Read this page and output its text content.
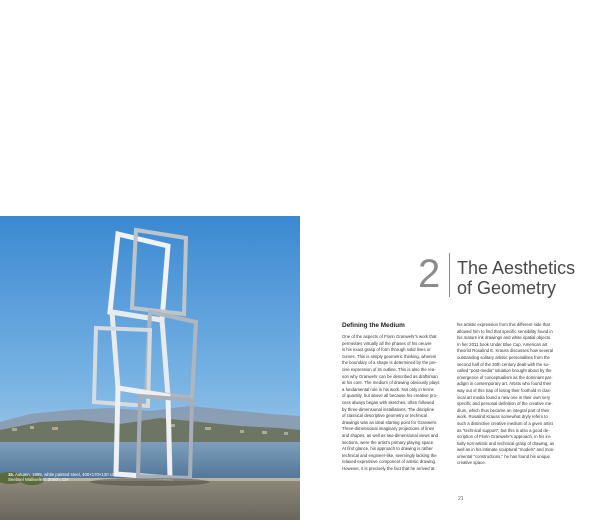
15. Autumn, 1999, white painted steel, 400×170×130 cm, Seebüel Wallisellen, Zürich, CH
2 The Aesthetics
of Geometry
Defining the Medium

One of the aspects of Florin Granwehr's work that
permeates virtually all the phases of his oeuvre
is his exact grasp of form through solid lines or
curves. This is simply geometric thinking, wherein
the boundary of a shape is determined by the pre-
cise expression of its outline. This is also the rea-
son why Granwehr can be described as draftsman
at his core. The medium of drawing obviously plays
a fundamental role in his work. Not only in terms
of quantity, but above all because his creative pro-
cess always began with sketches, often followed
by three-dimensional installations. The discipline
of classical descriptive geometry or technical
drawings was an ideal starting point for Granwehr.
Three-dimensional imaginary projections of lines
and shapes, as well as two-dimensional views and
sections, were the artist's primary playing space.
At first glance, his approach to drawing is rather
technical and engineer-like, seemingly lacking the
relaxed expressive component of artistic drawing.
However, it is precisely the fact that he arrived at

his artistic expression from this different side that
allowed him to find that specific sensibility found in
his mature ink drawings and white spatial objects.
In her 2011 book Under Blue Cup, American art
theorist Rosalind E. Krauss discusses how several
outstanding solitary artistic personalities from the
second half of the 20th century dealt with the so-
called "post-media" situation brought about by the
emergence of conceptualism as the dominant par-
adigm in contemporary art. Artists who found their
way out of this trap of losing their foothold in clas-
sical art media found a new one in their own very
specific and personal definition of the creative me-
dium, which thus became an integral part of their
work. Rosalind Krauss somewhat dryly refers to
such a distinctive creative medium of a given artist
as "technical support", but this is also a good de-
scription of Florin Granwehr's approach, in his ini-
tially non-artistic and technical grasp of drawing, as
well as in his intimate sculptural "models" and mon-
umental "constructions," he has found his unique
creative space.

21
